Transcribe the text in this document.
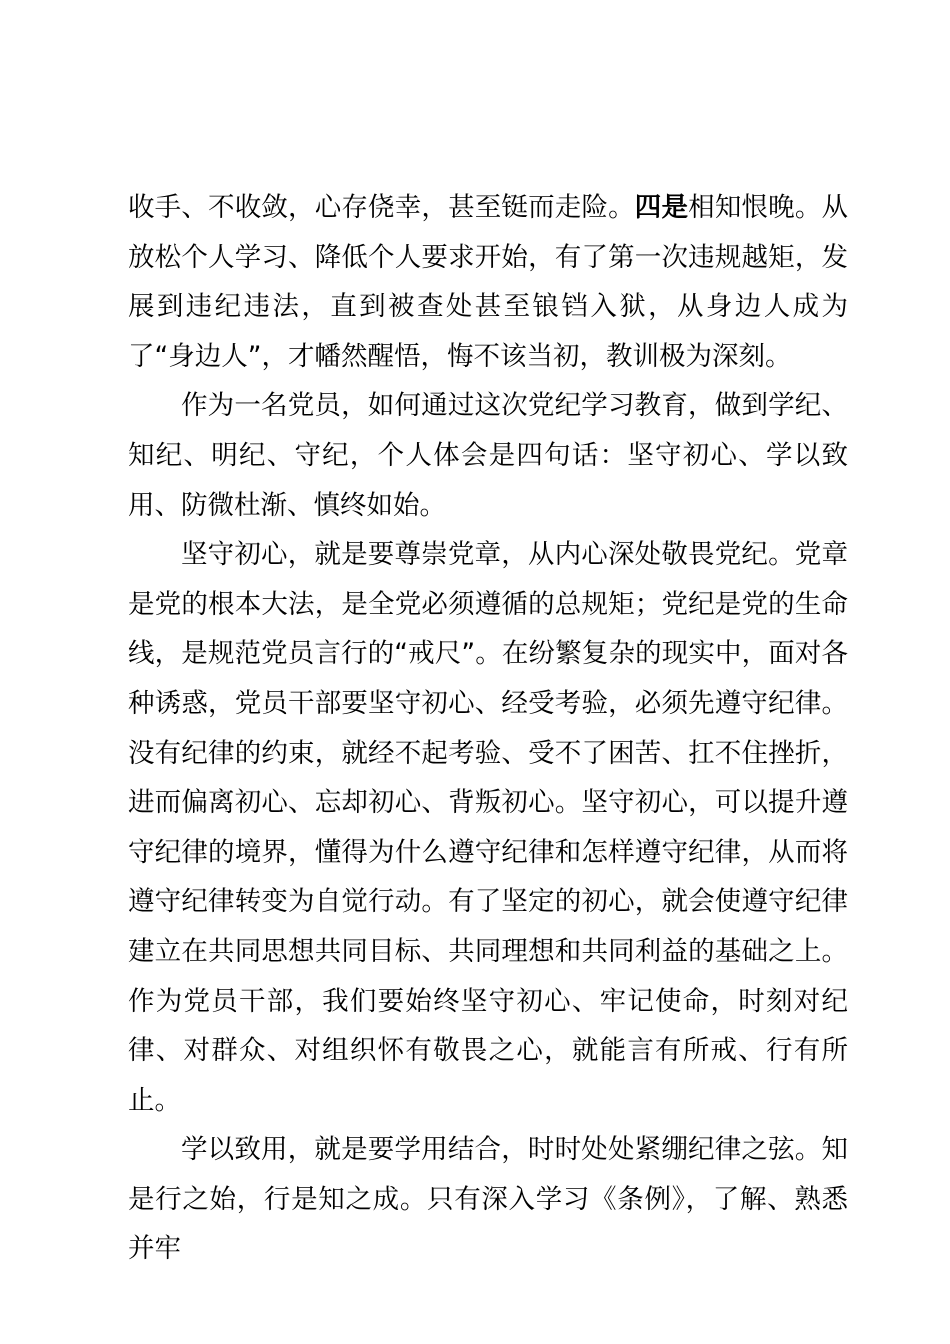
收手、不收敛，心存侥幸，甚至铤而走险。四是相知恨晚。从放松个人学习、降低个人要求开始，有了第一次违规越矩，发展到违纪违法，直到被查处甚至锒铛入狱，从身边人成为了“身边人”，才幡然醒悟，悔不该当初，教训极为深刻。

作为一名党员，如何通过这次党纪学习教育，做到学纪、知纪、明纪、守纪，个人体会是四句话：坚守初心、学以致用、防微杜渐、慎终如始。

坚守初心，就是要尊崇党章，从内心深处敬畏党纪。党章是党的根本大法，是全党必须遵循的总规矩；党纪是党的生命线，是规范党员言行的“戒尺”。在纷繁复杂的现实中，面对各种诱惑，党员干部要坚守初心、经受考验，必须先遵守纪律。没有纪律的约束，就经不起考验、受不了困苦、扛不住挫折，进而偏离初心、忘却初心、背叛初心。坚守初心，可以提升遵守纪律的境界，懂得为什么遵守纪律和怎样遵守纪律，从而将遵守纪律转变为自觉行动。有了坚定的初心，就会使遵守纪律建立在共同思想共同目标、共同理想和共同利益的基础之上。作为党员干部，我们要始终坚守初心、牢记使命，时刻对纪律、对群众、对组织怀有敬畏之心，就能言有所戒、行有所止。

学以致用，就是要学用结合，时时处处紧绷纪律之弦。知是行之始，行是知之成。只有深入学习《条例》，了解、熟悉并牢
